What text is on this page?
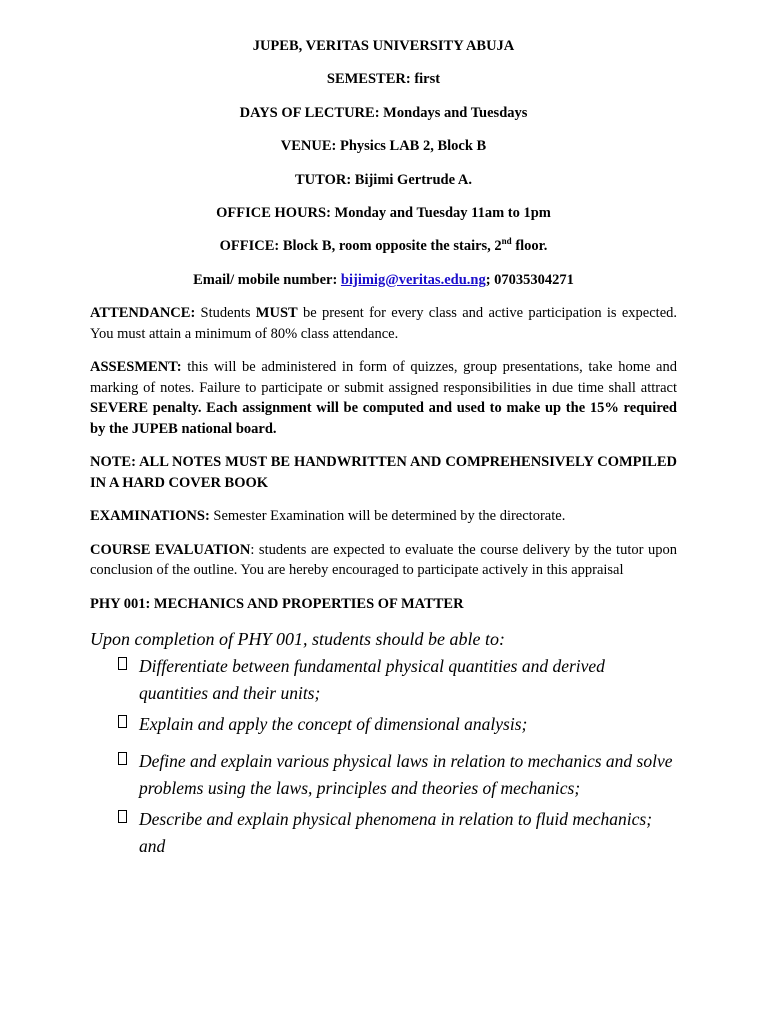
JUPEB, VERITAS UNIVERSITY ABUJA
SEMESTER: first
DAYS OF LECTURE: Mondays and Tuesdays
VENUE: Physics LAB 2, Block B
TUTOR: Bijimi Gertrude A.
OFFICE HOURS: Monday and Tuesday 11am to 1pm
OFFICE: Block B, room opposite the stairs, 2nd floor.
Email/ mobile number: bijimig@veritas.edu.ng; 07035304271

ATTENDANCE: Students MUST be present for every class and active participation is expected. You must attain a minimum of 80% class attendance.

ASSESMENT: this will be administered in form of quizzes, group presentations, take home and marking of notes. Failure to participate or submit assigned responsibilities in due time shall attract SEVERE penalty. Each assignment will be computed and used to make up the 15% required by the JUPEB national board.

NOTE: ALL NOTES MUST BE HANDWRITTEN AND COMPREHENSIVELY COMPILED IN A HARD COVER BOOK

EXAMINATIONS: Semester Examination will be determined by the directorate.

COURSE EVALUATION: students are expected to evaluate the course delivery by the tutor upon conclusion of the outline. You are hereby encouraged to participate actively in this appraisal

PHY 001: MECHANICS AND PROPERTIES OF MATTER
Upon completion of PHY 001, students should be able to:
Differentiate between fundamental physical quantities and derived quantities and their units;
Explain and apply the concept of dimensional analysis;
Define and explain various physical laws in relation to mechanics and solve problems using the laws, principles and theories of mechanics;
Describe and explain physical phenomena in relation to fluid mechanics; and
